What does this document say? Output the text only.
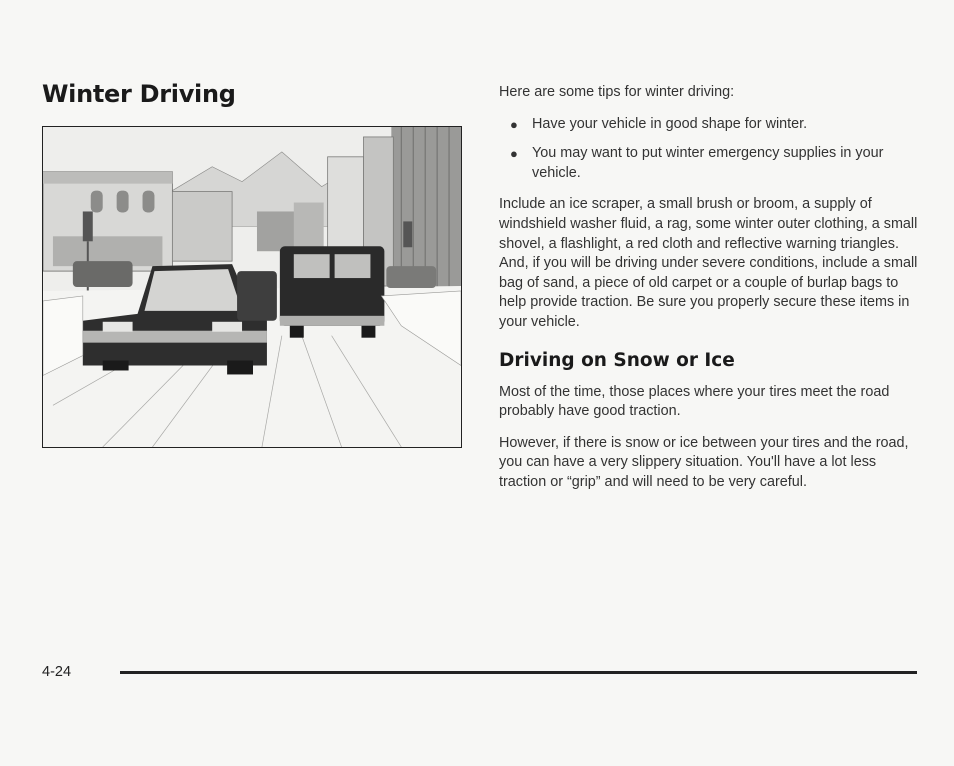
Winter Driving	Here are some tips for winter driving:

● Have your vehicle in good shape for winter.
● You may want to put winter emergency supplies in your vehicle.

Include an ice scraper, a small brush or broom, a supply of windshield washer fluid, a rag, some winter outer clothing, a small shovel, a flashlight, a red cloth and reflective warning triangles. And, if you will be driving under severe conditions, include a small bag of sand, a piece of old carpet or a couple of burlap bags to help provide traction. Be sure you properly secure these items in your vehicle.

Driving on Snow or Ice

Most of the time, those places where your tires meet the road probably have good traction.

However, if there is snow or ice between your tires and the road, you can have a very slippery situation. You'll have a lot less traction or “grip” and will need to be very careful.

4-24
